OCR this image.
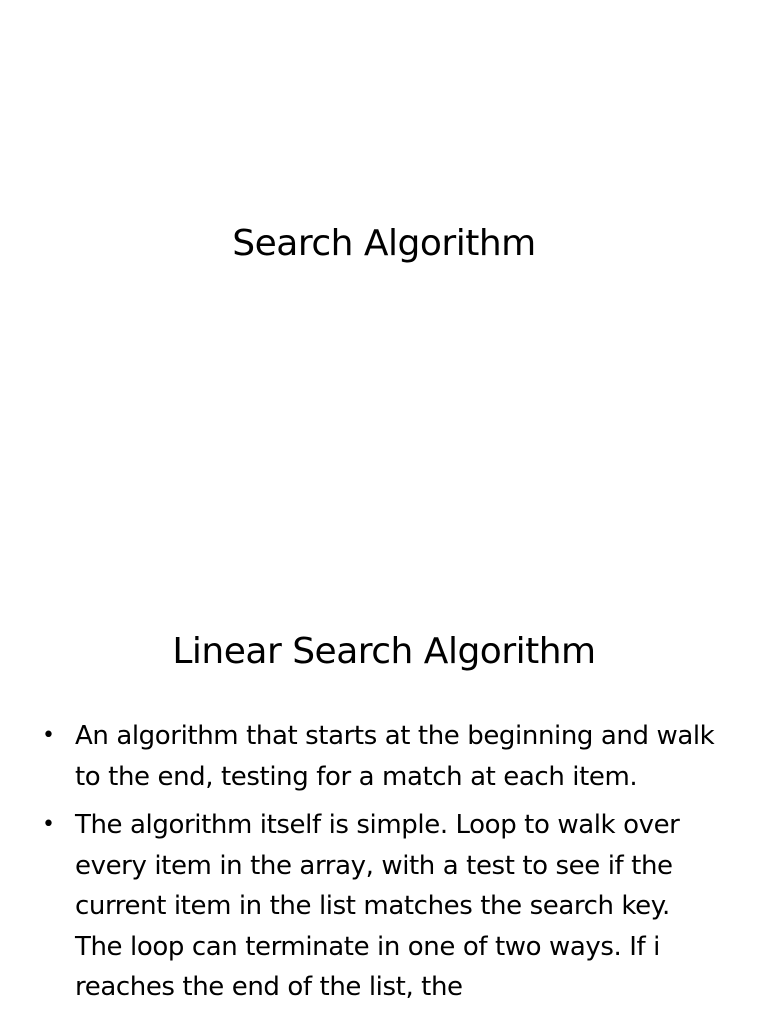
Search Algorithm
Linear Search Algorithm
• An algorithm that starts at the beginning and walk to the end, testing for a match at each item.
• The algorithm itself is simple. Loop to walk over every item in the array, with a test to see if the current item in the list matches the search key. The loop can terminate in one of two ways. If i reaches the end of the list, the
